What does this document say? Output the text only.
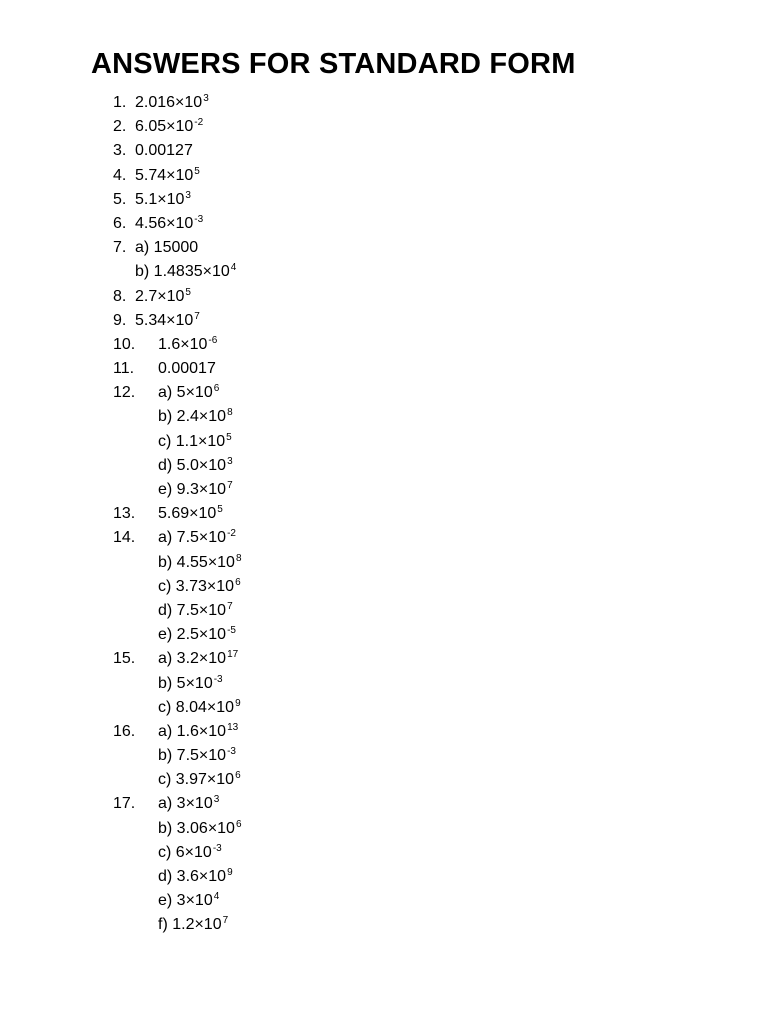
ANSWERS FOR STANDARD FORM
1. $2.016\times 10^3$
2. $6.05\times 10^{-2}$
3. 0.00127
4. $5.74\times 10^5$
5. $5.1\times 10^3$
6. $4.56\times 10^{-3}$
7. a) 15000
b) $1.4835\times 10^4$
8. $2.7\times 10^5$
9. $5.34\times 10^7$
10. $1.6\times 10^{-6}$
11. 0.00017
12. a) $5\times 10^6$
b) $2.4\times 10^8$
c) $1.1\times 10^5$
d) $5.0\times 10^3$
e) $9.3\times 10^7$
13. $5.69\times 10^5$
14. a) $7.5\times 10^{-2}$
b) $4.55\times 10^8$
c) $3.73\times 10^6$
d) $7.5\times 10^7$
e) $2.5\times 10^{-5}$
15. a) $3.2\times 10^{17}$
b) $5\times 10^{-3}$
c) $8.04\times 10^9$
16. a) $1.6\times 10^{13}$
b) $7.5\times 10^{-3}$
c) $3.97\times 10^6$
17. a) $3\times 10^3$
b) $3.06\times 10^6$
c) $6\times 10^{-3}$
d) $3.6\times 10^9$
e) $3\times 10^4$
f) $1.2\times 10^7$
